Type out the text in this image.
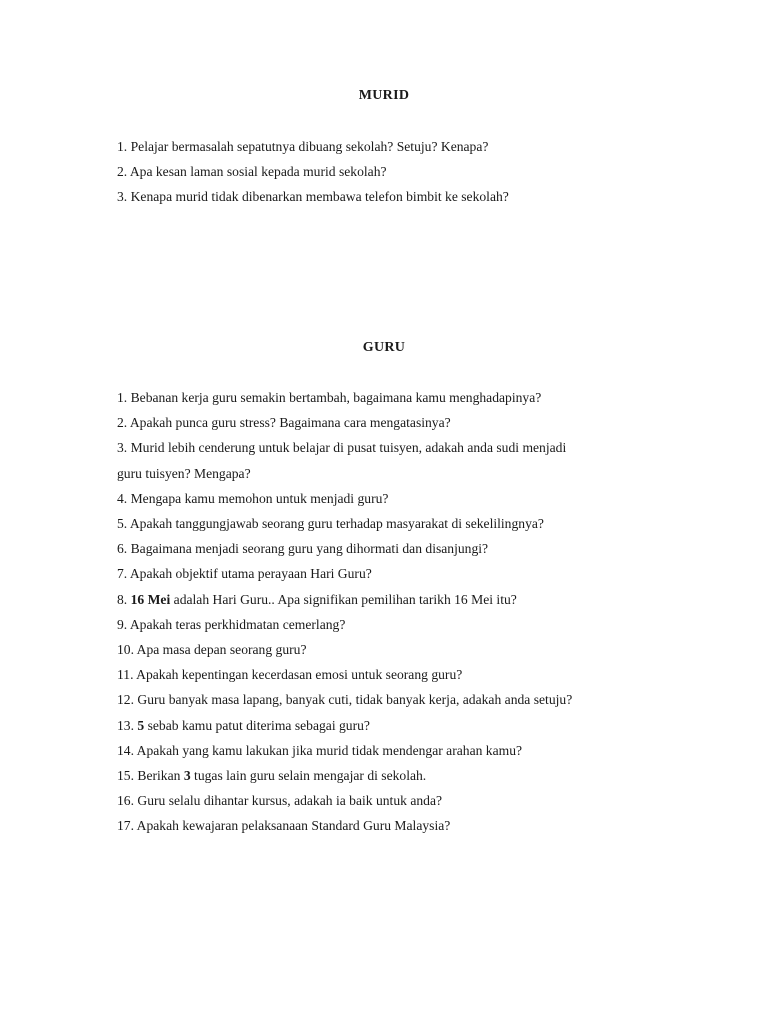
MURID
1. Pelajar bermasalah sepatutnya dibuang sekolah? Setuju? Kenapa?
2. Apa kesan laman sosial kepada murid sekolah?
3. Kenapa murid tidak dibenarkan membawa telefon bimbit ke sekolah?
GURU
1. Bebanan kerja guru semakin bertambah, bagaimana kamu menghadapinya?
2. Apakah punca guru stress? Bagaimana cara mengatasinya?
3. Murid lebih cenderung untuk belajar di pusat tuisyen, adakah anda sudi menjadi
guru tuisyen? Mengapa?
4. Mengapa kamu memohon untuk menjadi guru?
5. Apakah tanggungjawab seorang guru terhadap masyarakat di sekelilingnya?
6. Bagaimana menjadi seorang guru yang dihormati dan disanjungi?
7. Apakah objektif utama perayaan Hari Guru?
8. 16 Mei adalah Hari Guru.. Apa signifikan pemilihan tarikh 16 Mei itu?
9. Apakah teras perkhidmatan cemerlang?
10. Apa masa depan seorang guru?
11. Apakah kepentingan kecerdasan emosi untuk seorang guru?
12. Guru banyak masa lapang, banyak cuti, tidak banyak kerja, adakah anda setuju?
13. 5 sebab kamu patut diterima sebagai guru?
14. Apakah yang kamu lakukan jika murid tidak mendengar arahan kamu?
15. Berikan 3 tugas lain guru selain mengajar di sekolah.
16. Guru selalu dihantar kursus, adakah ia baik untuk anda?
17. Apakah kewajaran pelaksanaan Standard Guru Malaysia?
